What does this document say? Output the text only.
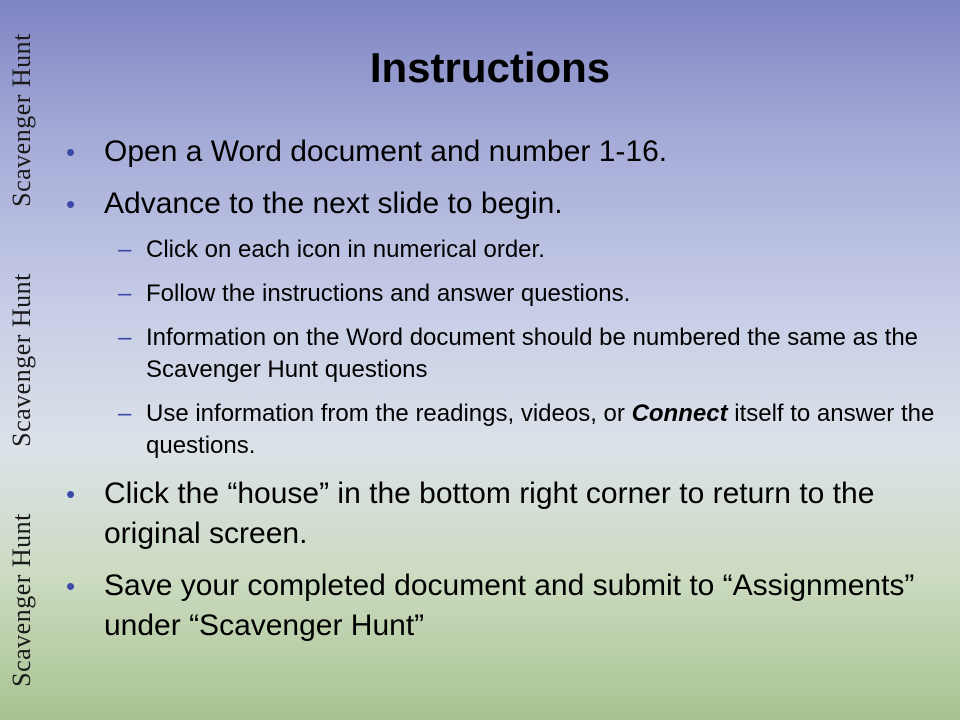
Scavenger Hunt
Scavenger Hunt
Scavenger Hunt
Instructions
• Open a Word document and number 1-16.
• Advance to the next slide to begin.
– Click on each icon in numerical order.
– Follow the instructions and answer questions.
– Information on the Word document should be numbered the same as the Scavenger Hunt questions
– Use information from the readings, videos, or Connect itself to answer the questions.
• Click the “house” in the bottom right corner to return to the original screen.
• Save your completed document and submit to “Assignments” under “Scavenger Hunt”
